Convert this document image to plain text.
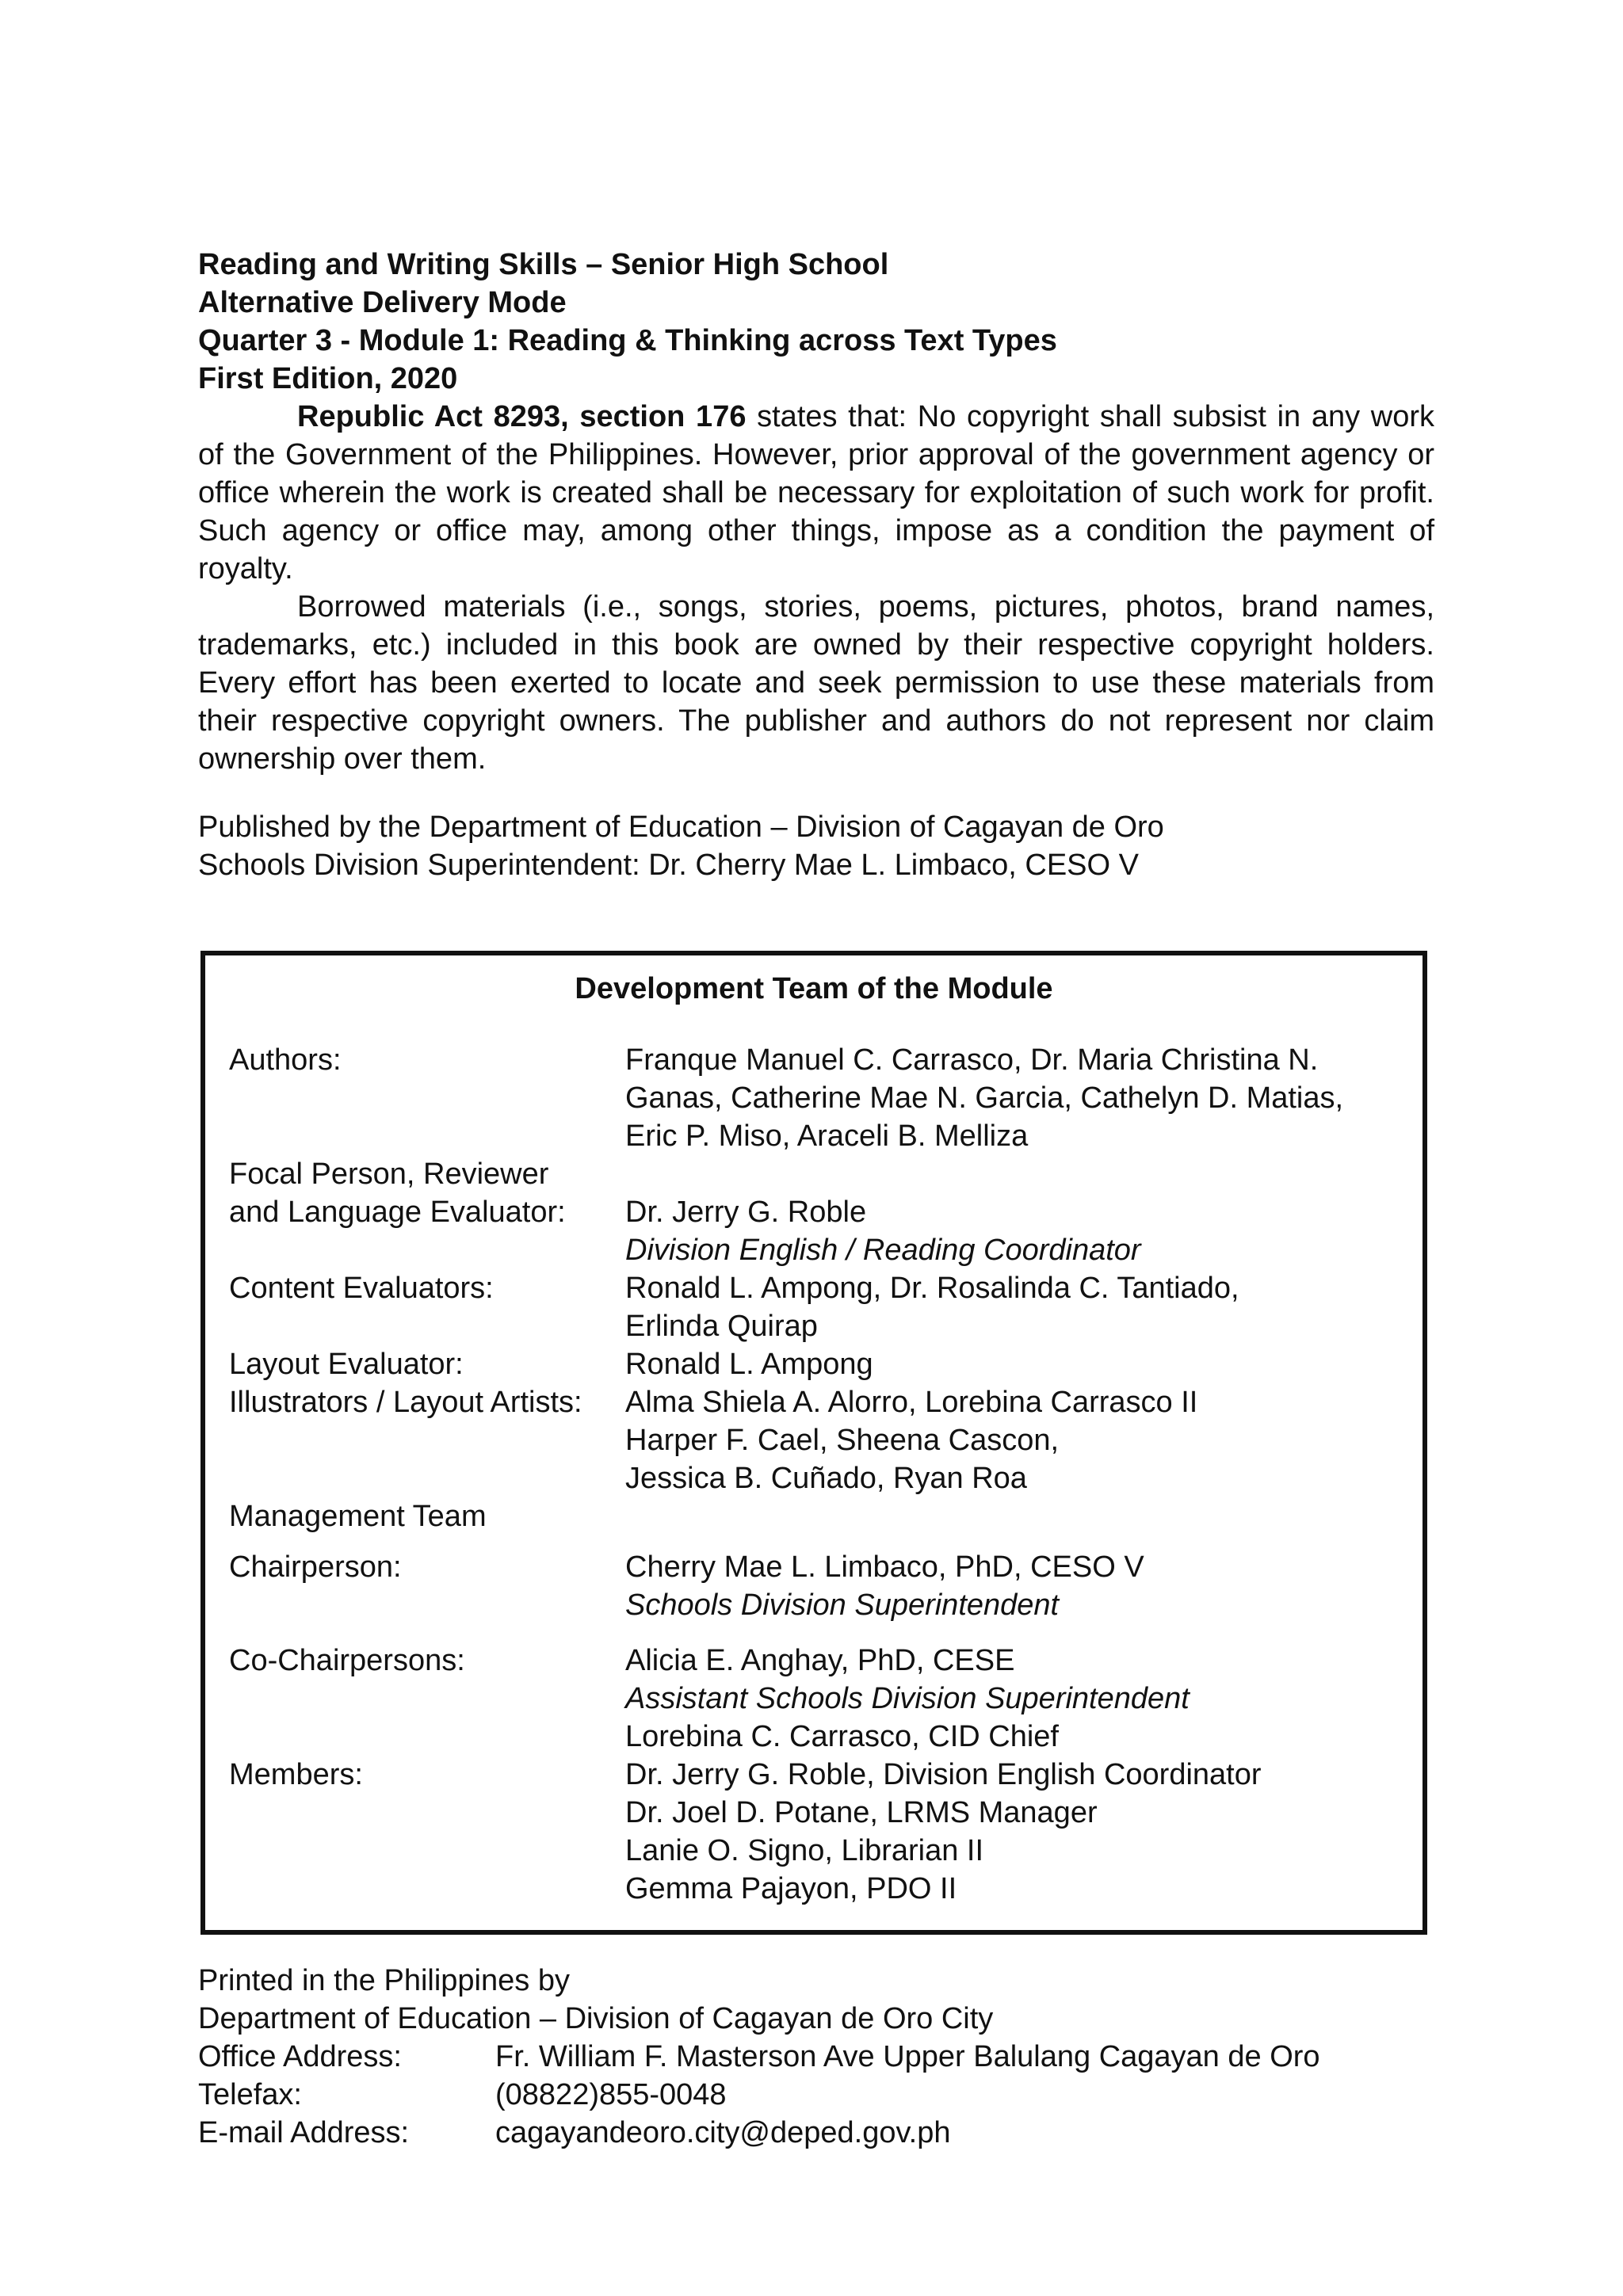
Reading and Writing Skills – Senior High School
Alternative Delivery Mode
Quarter 3 - Module 1: Reading & Thinking across Text Types
First Edition, 2020

Republic Act 8293, section 176 states that: No copyright shall subsist in any work of the Government of the Philippines. However, prior approval of the government agency or office wherein the work is created shall be necessary for exploitation of such work for profit. Such agency or office may, among other things, impose as a condition the payment of royalty.

Borrowed materials (i.e., songs, stories, poems, pictures, photos, brand names, trademarks, etc.) included in this book are owned by their respective copyright holders. Every effort has been exerted to locate and seek permission to use these materials from their respective copyright owners. The publisher and authors do not represent nor claim ownership over them.

Published by the Department of Education – Division of Cagayan de Oro
Schools Division Superintendent: Dr. Cherry Mae L. Limbaco, CESO V
Development Team of the Module
Authors:	Franque Manuel C. Carrasco, Dr. Maria Christina N.
Ganas, Catherine Mae N. Garcia, Cathelyn D. Matias,
Eric P. Miso, Araceli B. Melliza
Focal Person, Reviewer
and Language Evaluator:	Dr. Jerry G. Roble
Division English / Reading Coordinator
Content Evaluators:	Ronald L. Ampong, Dr. Rosalinda C. Tantiado,
Erlinda Quirap
Layout Evaluator:	Ronald L. Ampong
Illustrators / Layout Artists:	Alma Shiela A. Alorro, Lorebina Carrasco II
Harper F. Cael, Sheena Cascon,
Jessica B. Cuñado, Ryan Roa
Management Team
Chairperson:	Cherry Mae L. Limbaco, PhD, CESO V
Schools Division Superintendent
Co-Chairpersons:	Alicia E. Anghay, PhD, CESE
Assistant Schools Division Superintendent
Lorebina C. Carrasco, CID Chief
Members:	Dr. Jerry G. Roble, Division English Coordinator
Dr. Joel D. Potane, LRMS Manager
Lanie O. Signo, Librarian II
Gemma Pajayon, PDO II
Printed in the Philippines by
Department of Education – Division of Cagayan de Oro City
Office Address:	Fr. William F. Masterson Ave Upper Balulang Cagayan de Oro
Telefax:	(08822)855-0048
E-mail Address:	cagayandeoro.city@deped.gov.ph
